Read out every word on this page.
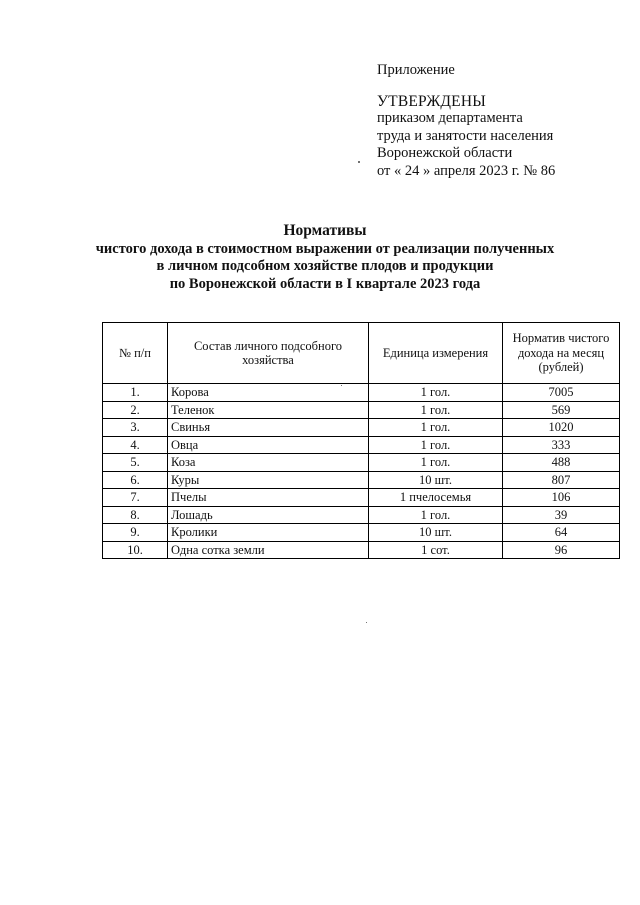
Приложение
УТВЕРЖДЕНЫ
приказом департамента
труда и занятости населения
Воронежской области
от « 24 » апреля 2023 г. № 86
Нормативы
чистого дохода в стоимостном выражении от реализации полученных
в личном подсобном хозяйстве плодов и продукции
по Воронежской области в I квартале 2023 года
№ п/п	Состав личного подсобного хозяйства	Единица измерения	Норматив чистого дохода на месяц (рублей)
1.	Корова	1 гол.	7005
2.	Теленок	1 гол.	569
3.	Свинья	1 гол.	1020
4.	Овца	1 гол.	333
5.	Коза	1 гол.	488
6.	Куры	10 шт.	807
7.	Пчелы	1 пчелосемья	106
8.	Лошадь	1 гол.	39
9.	Кролики	10 шт.	64
10.	Одна сотка земли	1 сот.	96
